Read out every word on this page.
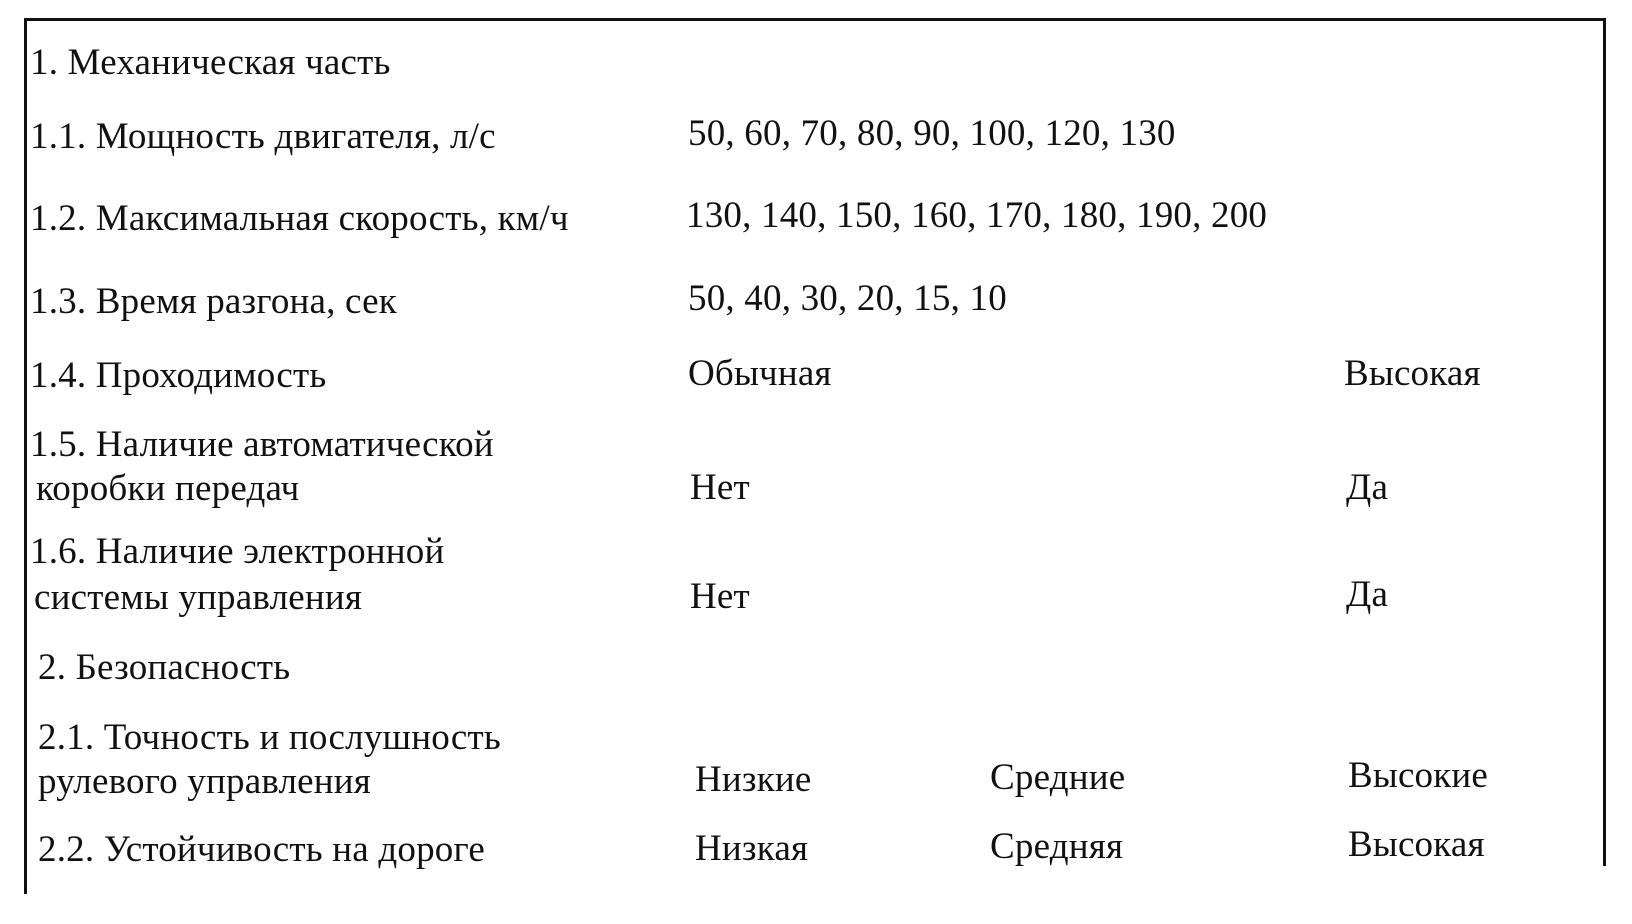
1. Механическая часть
1.1. Мощность двигателя, л/с	50, 60, 70, 80, 90, 100, 120, 130
1.2. Максимальная скорость, км/ч	130, 140, 150, 160, 170, 180, 190, 200
1.3. Время разгона, сек	50, 40, 30, 20, 15, 10
1.4. Проходимость	Обычная	Высокая
1.5. Наличие автоматической
коробки передач	Нет	Да
1.6. Наличие электронной
системы управления	Нет	Да
2. Безопасность
2.1. Точность и послушность
рулевого управления	Низкие	Средние	Высокие
2.2. Устойчивость на дороге	Низкая	Средняя	Высокая
